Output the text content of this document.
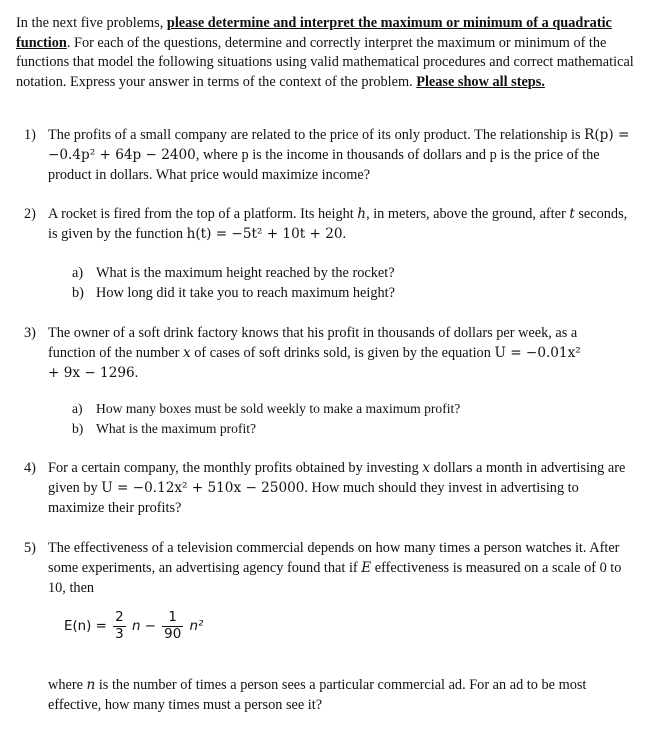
In the next five problems, please determine and interpret the maximum or minimum of a quadratic function. For each of the questions, determine and correctly interpret the maximum or minimum of the functions that model the following situations using valid mathematical procedures and correct mathematical notation. Express your answer in terms of the context of the problem. Please show all steps.

1) The profits of a small company are related to the price of its only product. The relationship is R(p) = −0.4p² + 64p − 2400, where p is the income in thousands of dollars and p is the price of the product in dollars. What price would maximize income?
2) A rocket is fired from the top of a platform. Its height h, in meters, above the ground, after t seconds, is given by the function h(t) = −5t² + 10t + 20.
a) What is the maximum height reached by the rocket?
b) How long did it take you to reach maximum height?
3) The owner of a soft drink factory knows that his profit in thousands of dollars per week, as a function of the number x of cases of soft drinks sold, is given by the equation U = −0.01x² + 9x − 1296.
a) How many boxes must be sold weekly to make a maximum profit?
b) What is the maximum profit?
4) For a certain company, the monthly profits obtained by investing x dollars a month in advertising are given by U = −0.12x² + 510x − 25000. How much should they invest in advertising to maximize their profits?
5) The effectiveness of a television commercial depends on how many times a person watches it. After some experiments, an advertising agency found that if E effectiveness is measured on a scale of 0 to 10, then
$E(n) = \frac{2}{3}$ $n - \frac{1}{90} n^2$
where n is the number of times a person sees a particular commercial ad. For an ad to be most effective, how many times must a person see it?
